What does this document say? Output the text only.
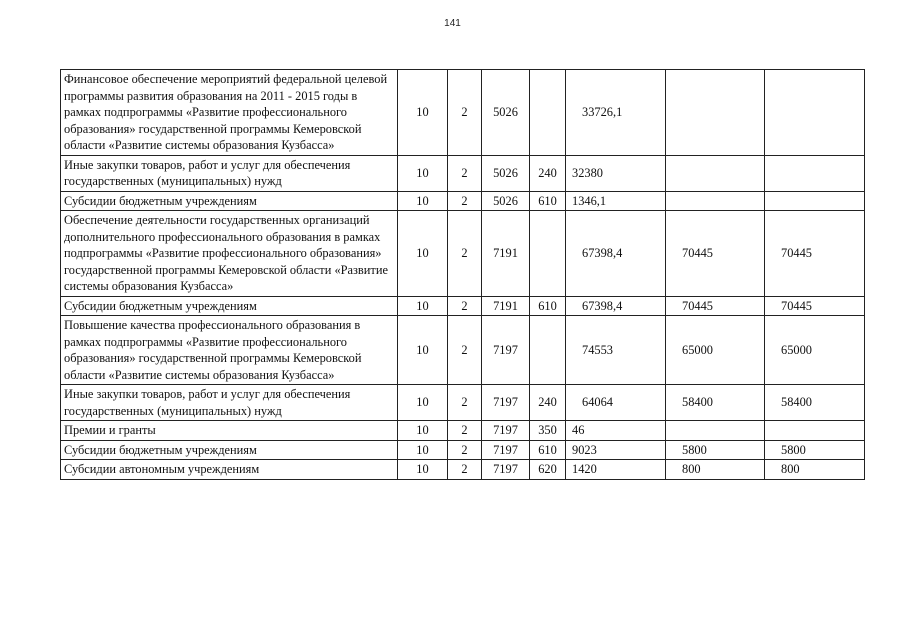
141
Финансовое обеспечение мероприятий федеральной целевой программы развития образования на 2011 - 2015 годы в рамках подпрограммы «Развитие профессионального образования» государственной программы Кемеровской области «Развитие системы образования Кузбасса»	10	2	5026		33726,1		
Иные закупки товаров, работ и услуг для обеспечения государственных (муниципальных) нужд	10	2	5026	240	32380		
Субсидии бюджетным учреждениям	10	2	5026	610	1346,1		
Обеспечение деятельности государственных организаций дополнительного профессионального образования в рамках подпрограммы «Развитие профессионального образования» государственной программы Кемеровской области «Развитие системы образования Кузбасса»	10	2	7191		67398,4	70445	70445
Субсидии бюджетным учреждениям	10	2	7191	610	67398,4	70445	70445
Повышение качества профессионального образования в рамках подпрограммы «Развитие профессионального образования» государственной программы Кемеровской области «Развитие системы образования Кузбасса»	10	2	7197		74553	65000	65000
Иные закупки товаров, работ и услуг для обеспечения государственных (муниципальных) нужд	10	2	7197	240	64064	58400	58400
Премии и гранты	10	2	7197	350	46		
Субсидии бюджетным учреждениям	10	2	7197	610	9023	5800	5800
Субсидии автономным учреждениям	10	2	7197	620	1420	800	800
